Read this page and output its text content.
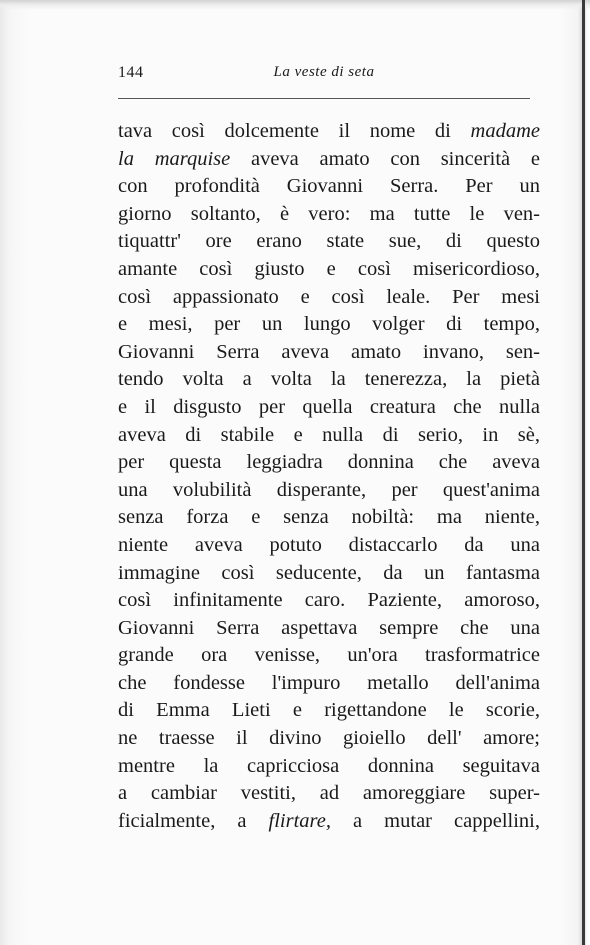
144	La veste di seta
tava così dolcemente il nome di madame
la marquise aveva amato con sincerità e
con profondità Giovanni Serra. Per un
giorno soltanto, è vero: ma tutte le ven-
tiquattr' ore erano state sue, di questo
amante così giusto e così misericordioso,
così appassionato e così leale. Per mesi
e mesi, per un lungo volger di tempo,
Giovanni Serra aveva amato invano, sen-
tendo volta a volta la tenerezza, la pietà
e il disgusto per quella creatura che nulla
aveva di stabile e nulla di serio, in sè,
per questa leggiadra donnina che aveva
una volubilità disperante, per quest'anima
senza forza e senza nobiltà: ma niente,
niente aveva potuto distaccarlo da una
immagine così seducente, da un fantasma
così infinitamente caro. Paziente, amoroso,
Giovanni Serra aspettava sempre che una
grande ora venisse, un'ora trasformatrice
che fondesse l'impuro metallo dell'anima
di Emma Lieti e rigettandone le scorie,
ne traesse il divino gioiello dell' amore;
mentre la capricciosa donnina seguitava
a cambiar vestiti, ad amoreggiare super-
ficialmente, a flirtare, a mutar cappellini,
